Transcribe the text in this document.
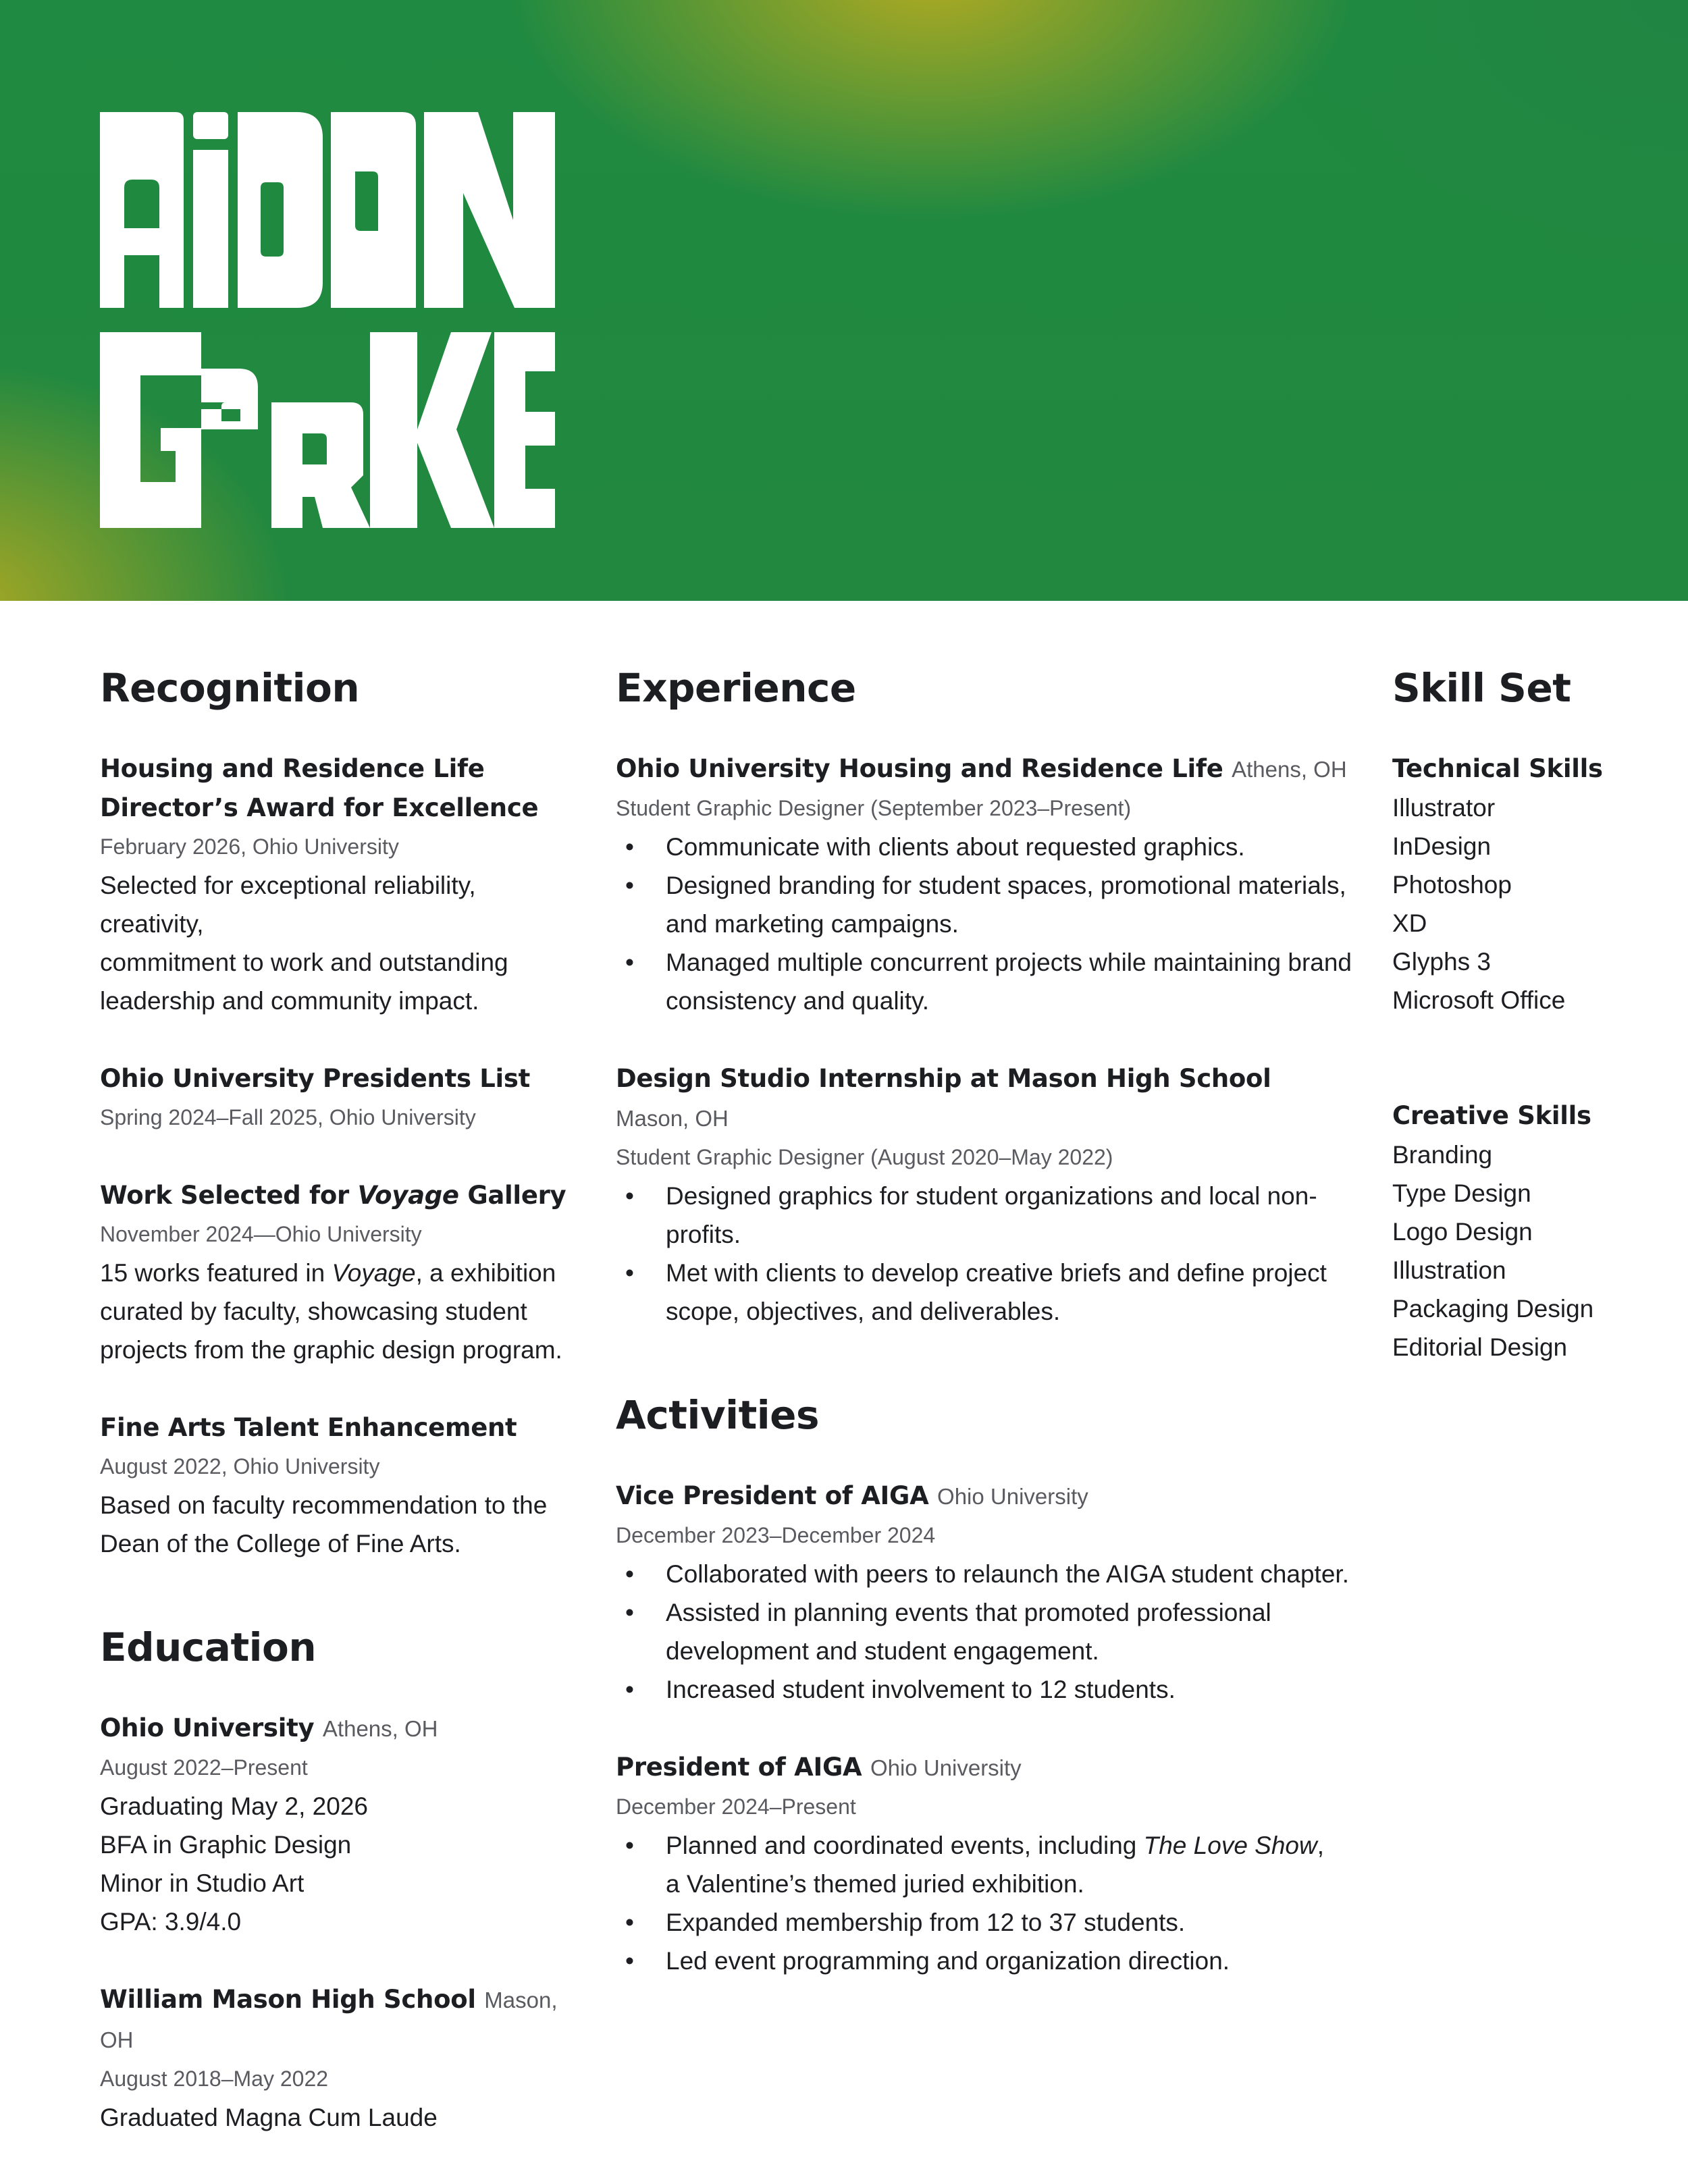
Recognition
Housing and Residence Life
Director’s Award for Excellence
February 2026, Ohio University
Selected for exceptional reliability, creativity,
commitment to work and outstanding
leadership and community impact.
Ohio University Presidents List
Spring 2024–Fall 2025, Ohio University
Work Selected for Voyage Gallery
November 2024—Ohio University
15 works featured in Voyage, a exhibition
curated by faculty, showcasing student
projects from the graphic design program.
Fine Arts Talent Enhancement
August 2022, Ohio University
Based on faculty recommendation to the
Dean of the College of Fine Arts.
Education
Ohio University Athens, OH
August 2022–Present
Graduating May 2, 2026
BFA in Graphic Design
Minor in Studio Art
GPA: 3.9/4.0
William Mason High School Mason, OH
August 2018–May 2022
Graduated Magna Cum Laude
Experience
Ohio University Housing and Residence Life Athens, OH
Student Graphic Designer (September 2023–Present)
• Communicate with clients about requested graphics.
• Designed branding for student spaces, promotional materials,
and marketing campaigns.
• Managed multiple concurrent projects while maintaining brand
consistency and quality.
Design Studio Internship at Mason High School Mason, OH
Student Graphic Designer (August 2020–May 2022)
• Designed graphics for student organizations and local non-profits.
• Met with clients to develop creative briefs and define project
scope, objectives, and deliverables.
Activities
Vice President of AIGA Ohio University
December 2023–December 2024
• Collaborated with peers to relaunch the AIGA student chapter.
• Assisted in planning events that promoted professional
development and student engagement.
• Increased student involvement to 12 students.
President of AIGA Ohio University
December 2024–Present
• Planned and coordinated events, including The Love Show,
a Valentine’s themed juried exhibition.
• Expanded membership from 12 to 37 students.
• Led event programming and organization direction.
Skill Set
Technical Skills
Illustrator
InDesign
Photoshop
XD
Glyphs 3
Microsoft Office
Creative Skills
Branding
Type Design
Logo Design
Illustration
Packaging Design
Editorial Design
